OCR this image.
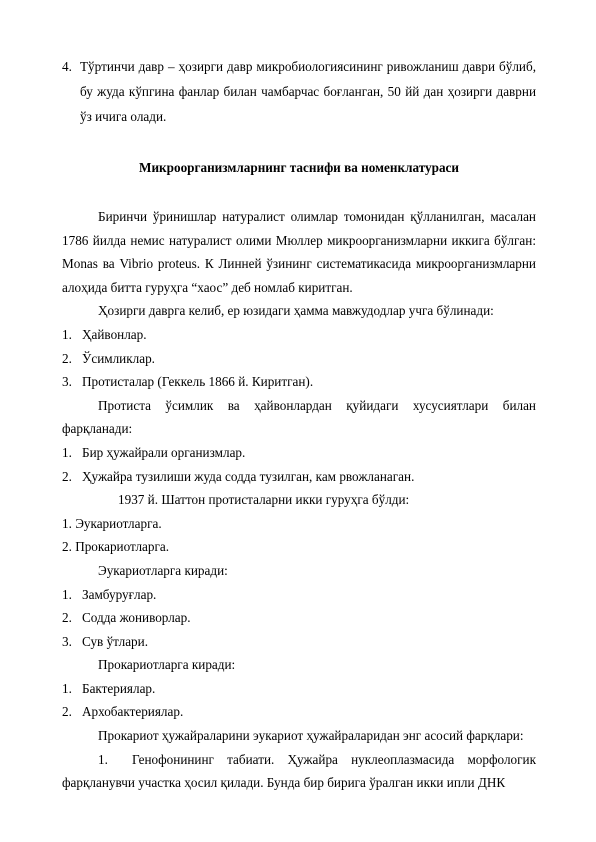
4. Тўртинчи давр – ҳозирги давр микробиологиясининг ривожланиш даври бўлиб, бу жуда кўпгина фанлар билан чамбарчас боғланган, 50 йй дан ҳозирги даврни ўз ичига олади.
Микроорганизмларнинг таснифи ва номенклатураси

Биринчи ўринишлар натуралист олимлар томонидан қўлланилган, масалан 1786 йилда немис натуралист олими Мюллер микроорганизмларни иккига бўлган: Monas ва Vibrio proteus. К Линней ўзининг систематикасида микроорганизмларни алоҳида битта гуруҳга “хаос” деб номлаб киритган.

Ҳозирги даврга келиб, ер юзидаги ҳамма мавжудодлар учга бўлинади:
1. Ҳайвонлар.
2. Ўсимликлар.
3. Протисталар (Геккель 1866 й. Киритган).

Протиста ўсимлик ва ҳайвонлардан қуйидаги хусусиятлари билан фарқланади:

1. Бир ҳужайрали организмлар.
2. Ҳужайра тузилиши жуда содда тузилган, кам рвожланаган.
1937 й. Шаттон протисталарни икки гуруҳга бўлди:
1. Эукариотларга.
2. Прокариотларга.
Эукариотларга киради:
1. Замбуруғлар.
2. Содда жониворлар.
3. Сув ўтлари.
Прокариотларга киради:
1. Бактериялар.
2. Архобактериялар.
Прокариот ҳужайраларини эукариот ҳужайраларидан энг асосий фарқлари:

1. Генофонининг табиати. Ҳужайра нуклеоплазмасида морфологик фарқланувчи участка ҳосил қилади. Бунда бир бирига ўралган икки ипли ДНК
